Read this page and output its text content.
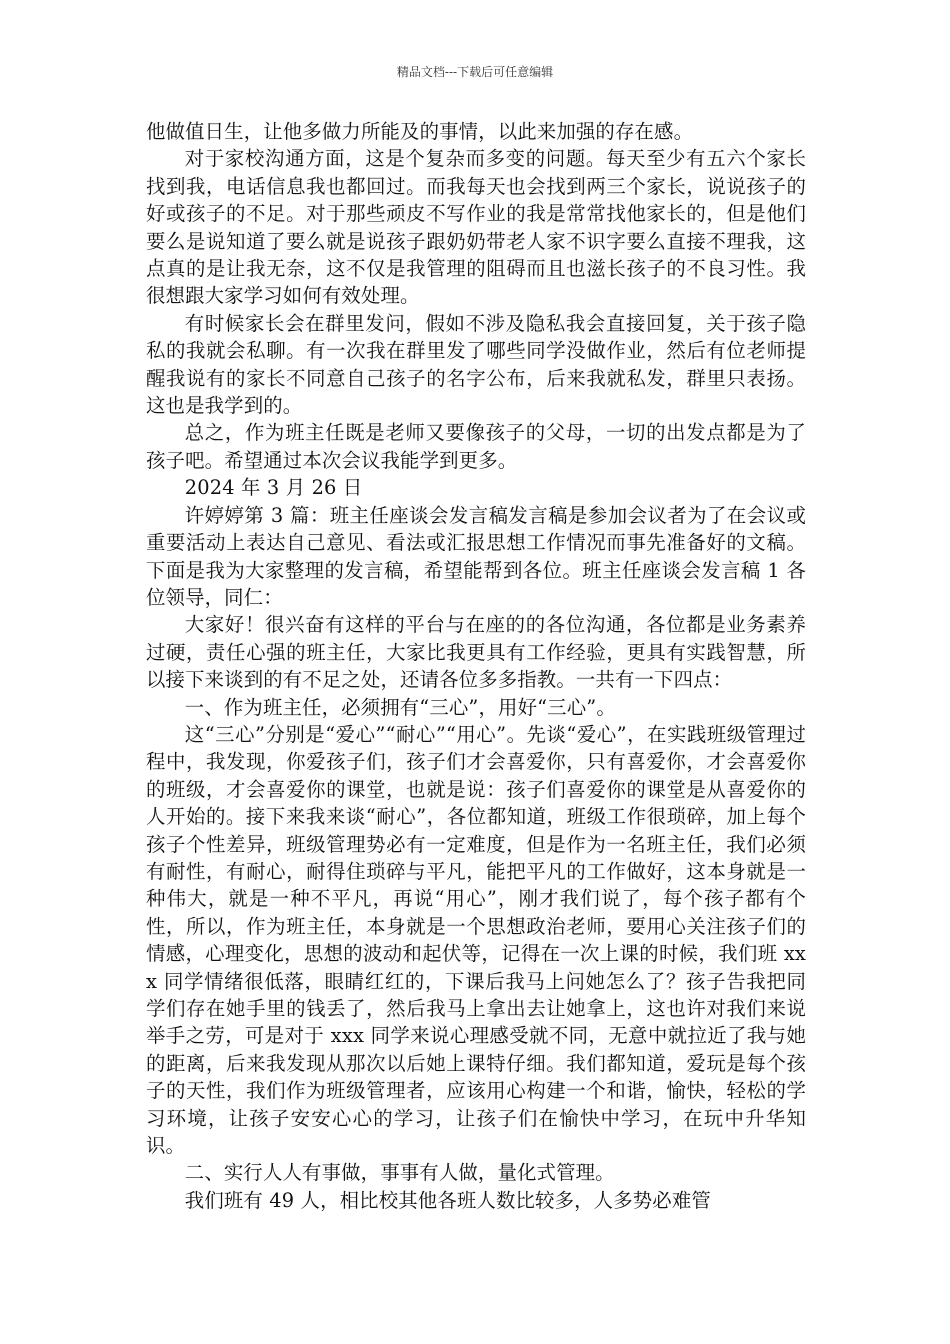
精品文档---下载后可任意编辑

他做值日生，让他多做力所能及的事情，以此来加强的存在感。

对于家校沟通方面，这是个复杂而多变的问题。每天至少有五六个家长找到我，电话信息我也都回过。而我每天也会找到两三个家长，说说孩子的好或孩子的不足。对于那些顽皮不写作业的我是常常找他家长的，但是他们要么是说知道了要么就是说孩子跟奶奶带老人家不识字要么直接不理我，这点真的是让我无奈，这不仅是我管理的阻碍而且也滋长孩子的不良习性。我很想跟大家学习如何有效处理。

有时候家长会在群里发问，假如不涉及隐私我会直接回复，关于孩子隐私的我就会私聊。有一次我在群里发了哪些同学没做作业，然后有位老师提醒我说有的家长不同意自己孩子的名字公布，后来我就私发，群里只表扬。这也是我学到的。

总之，作为班主任既是老师又要像孩子的父母，一切的出发点都是为了孩子吧。希望通过本次会议我能学到更多。

2024 年 3 月 26 日

许婷婷第 3 篇：班主任座谈会发言稿发言稿是参加会议者为了在会议或重要活动上表达自己意见、看法或汇报思想工作情况而事先准备好的文稿。下面是我为大家整理的发言稿，希望能帮到各位。班主任座谈会发言稿 1 各位领导，同仁：

大家好！很兴奋有这样的平台与在座的的各位沟通，各位都是业务素养过硬，责任心强的班主任，大家比我更具有工作经验，更具有实践智慧，所以接下来谈到的有不足之处，还请各位多多指教。一共有一下四点：

一、作为班主任，必须拥有“三心”，用好“三心”。

这“三心”分别是“爱心”“耐心”“用心”。先谈“爱心”，在实践班级管理过程中，我发现，你爱孩子们，孩子们才会喜爱你，只有喜爱你，才会喜爱你的班级，才会喜爱你的课堂，也就是说：孩子们喜爱你的课堂是从喜爱你的人开始的。接下来我来谈“耐心”，各位都知道，班级工作很琐碎，加上每个孩子个性差异，班级管理势必有一定难度，但是作为一名班主任，我们必须有耐性，有耐心，耐得住琐碎与平凡，能把平凡的工作做好，这本身就是一种伟大，就是一种不平凡，再说“用心”，刚才我们说了，每个孩子都有个性，所以，作为班主任，本身就是一个思想政治老师，要用心关注孩子们的情感，心理变化，思想的波动和起伏等，记得在一次上课的时候，我们班 xxx 同学情绪很低落，眼睛红红的，下课后我马上问她怎么了？孩子告我把同学们存在她手里的钱丢了，然后我马上拿出去让她拿上，这也许对我们来说举手之劳，可是对于 xxx 同学来说心理感受就不同，无意中就拉近了我与她的距离，后来我发现从那次以后她上课特仔细。我们都知道，爱玩是每个孩子的天性，我们作为班级管理者，应该用心构建一个和谐，愉快，轻松的学习环境，让孩子安安心心的学习，让孩子们在愉快中学习，在玩中升华知识。

二、实行人人有事做，事事有人做，量化式管理。

我们班有 49 人，相比校其他各班人数比较多，人多势必难管
